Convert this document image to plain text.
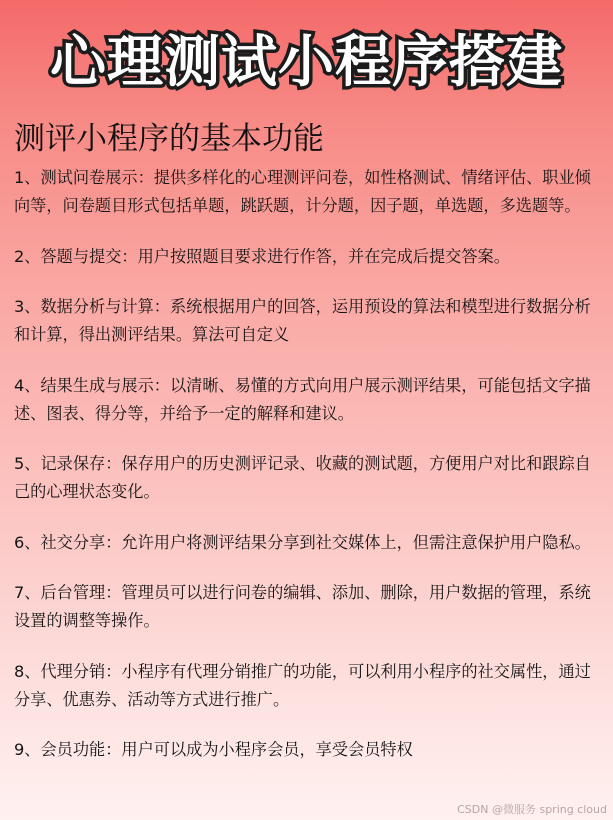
心理测试小程序搭建
测评小程序的基本功能

1、测试问卷展示：提供多样化的心理测评问卷，如性格测试、情绪评估、职业倾向等，问卷题目形式包括单题，跳跃题，计分题，因子题，单选题，多选题等。

2、答题与提交：用户按照题目要求进行作答，并在完成后提交答案。

3、数据分析与计算：系统根据用户的回答，运用预设的算法和模型进行数据分析和计算，得出测评结果。算法可自定义

4、结果生成与展示：以清晰、易懂的方式向用户展示测评结果，可能包括文字描述、图表、得分等，并给予一定的解释和建议。

5、记录保存：保存用户的历史测评记录、收藏的测试题，方便用户对比和跟踪自己的心理状态变化。

6、社交分享：允许用户将测评结果分享到社交媒体上，但需注意保护用户隐私。

7、后台管理：管理员可以进行问卷的编辑、添加、删除，用户数据的管理，系统设置的调整等操作。

8、代理分销：小程序有代理分销推广的功能，可以利用小程序的社交属性，通过分享、优惠券、活动等方式进行推广。

9、会员功能：用户可以成为小程序会员，享受会员特权

CSDN @微服务 spring cloud
